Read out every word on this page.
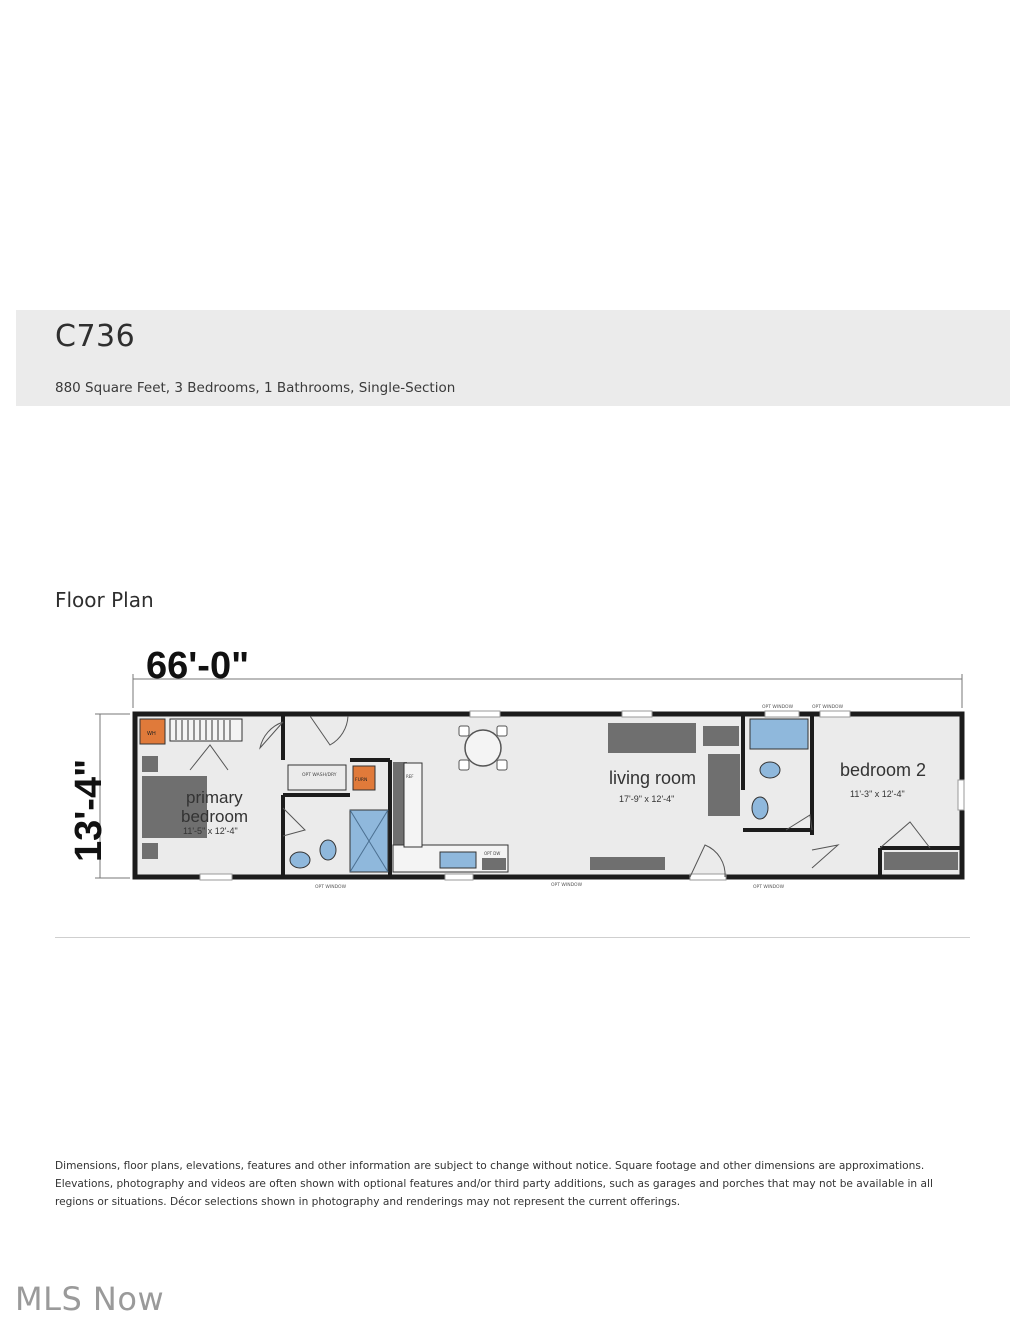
C736
880 Square Feet, 3 Bedrooms, 1 Bathrooms, Single-Section
Floor Plan
66'-0"
13'-4"
OPT WINDOW	OPT WINDOW
OPT WINDOW	OPT WINDOW	OPT WINDOW
WH
OPT WASH/DRY
FURN
REF
OPT DW
primary
bedroom
11'-5" x 12'-4"
living room
17'-9" x 12'-4"
bedroom 2
11'-3" x 12'-4"

Dimensions, floor plans, elevations, features and other information are subject to change without notice. Square footage and other dimensions are approximations. Elevations, photography and videos are often shown with optional features and/or third party additions, such as garages and porches that may not be available in all regions or situations. Décor selections shown in photography and renderings may not represent the current offerings.

MLS Now
